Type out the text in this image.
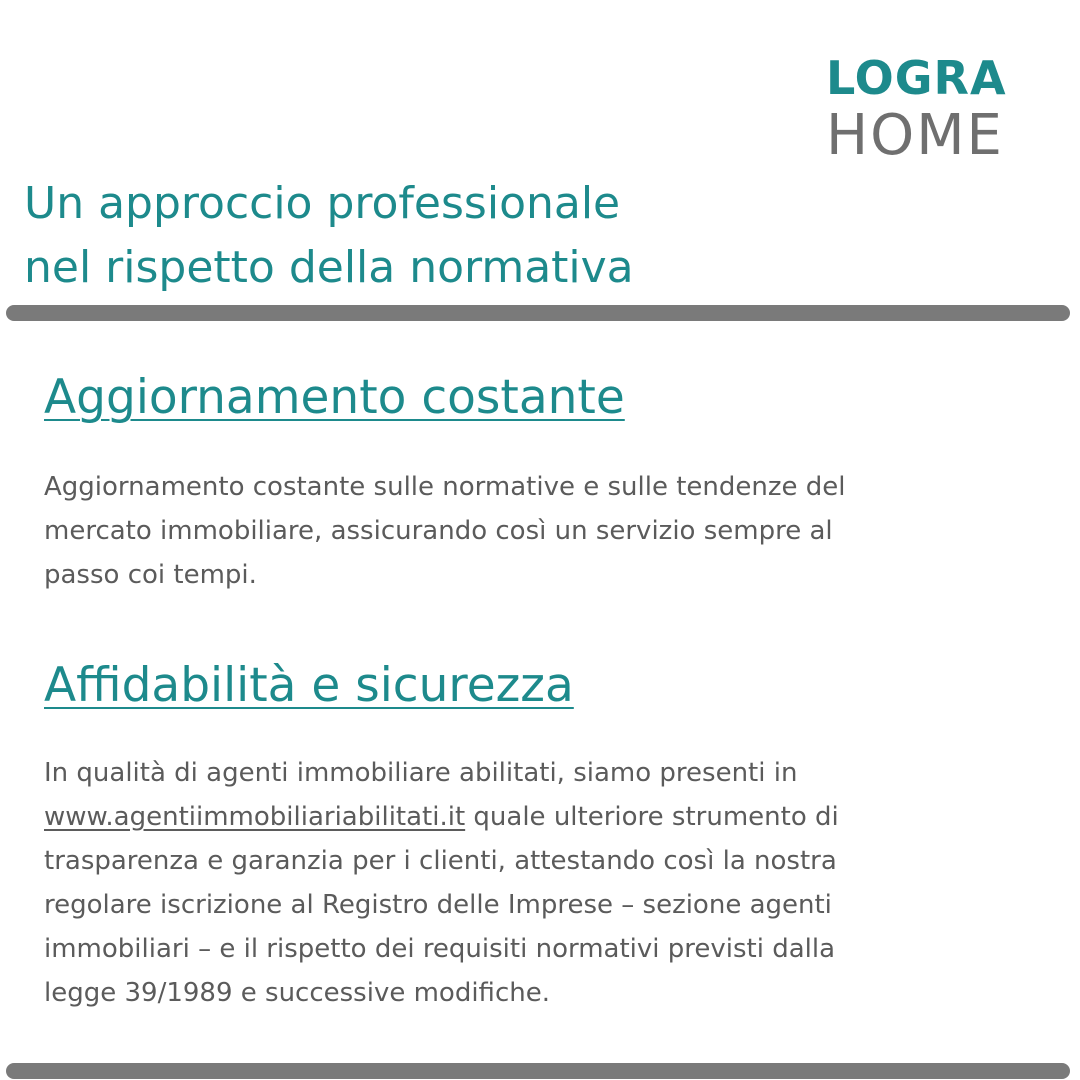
LOGRA
HOME
Un approccio professionale
nel rispetto della normativa
Aggiornamento costante

Aggiornamento costante sulle normative e sulle tendenze del
mercato immobiliare, assicurando così un servizio sempre al
passo coi tempi.

Affidabilità e sicurezza

In qualità di agenti immobiliare abilitati, siamo presenti in
www.agentiimmobiliariabilitati.it quale ulteriore strumento di
trasparenza e garanzia per i clienti, attestando così la nostra
regolare iscrizione al Registro delle Imprese – sezione agenti
immobiliari – e il rispetto dei requisiti normativi previsti dalla
legge 39/1989 e successive modifiche.
